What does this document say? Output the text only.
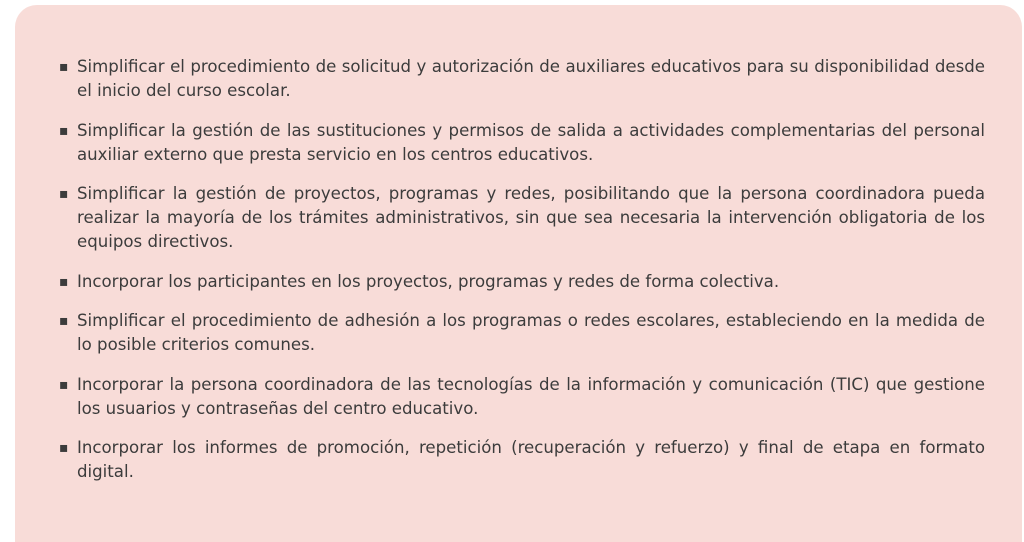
▪ Simplificar el procedimiento de solicitud y autorización de auxiliares educativos para su disponibilidad desde el inicio del curso escolar.
▪ Simplificar la gestión de las sustituciones y permisos de salida a actividades complementarias del personal auxiliar externo que presta servicio en los centros educativos.
▪ Simplificar la gestión de proyectos, programas y redes, posibilitando que la persona coordinadora pueda realizar la mayoría de los trámites administrativos, sin que sea necesaria la intervención obligatoria de los equipos directivos.
▪ Incorporar los participantes en los proyectos, programas y redes de forma colectiva.
▪ Simplificar el procedimiento de adhesión a los programas o redes escolares, estableciendo en la medida de lo posible criterios comunes.
▪ Incorporar la persona coordinadora de las tecnologías de la información y comunicación (TIC) que gestione los usuarios y contraseñas del centro educativo.
▪ Incorporar los informes de promoción, repetición (recuperación y refuerzo) y final de etapa en formato digital.
